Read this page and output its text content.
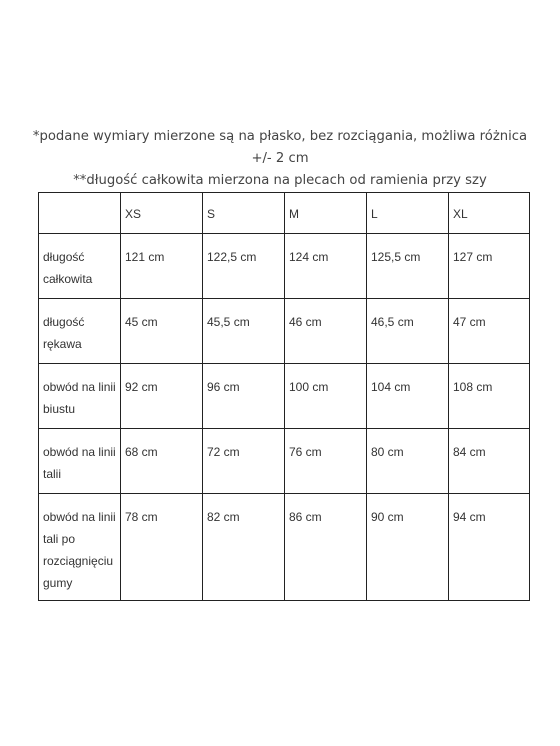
*podane wymiary mierzone są na płasko, bez rozciągania, możliwa różnica +/- 2 cm

**długość całkowita mierzona na plecach od ramienia przy szy

	XS	S	M	L	XL
długość całkowita	121 cm	122,5 cm	124 cm	125,5 cm	127 cm
długość rękawa	45 cm	45,5 cm	46 cm	46,5 cm	47 cm
obwód na linii biustu	92 cm	96 cm	100 cm	104 cm	108 cm
obwód na linii talii	68 cm	72 cm	76 cm	80 cm	84 cm
obwód na linii tali po rozciągnięciu gumy	78 cm	82 cm	86 cm	90 cm	94 cm
